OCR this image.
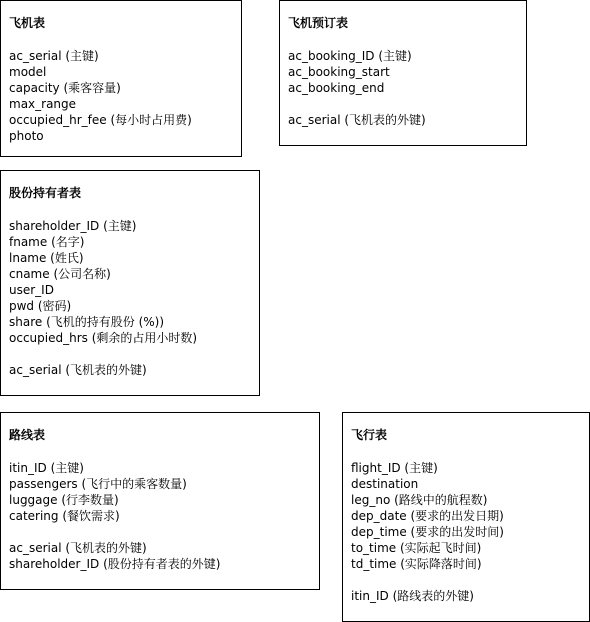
飞机表
ac_serial (主键)
model
capacity (乘客容量)
max_range
occupied_hr_fee (每小时占用费)
photo
飞机预订表
ac_booking_ID (主键)
ac_booking_start
ac_booking_end
ac_serial (飞机表的外键)
股份持有者表
shareholder_ID (主键)
fname (名字)
lname (姓氏)
cname (公司名称)
user_ID
pwd (密码)
share (飞机的持有股份 (%))
occupied_hrs (剩余的占用小时数)
ac_serial (飞机表的外键)
路线表
itin_ID (主键)
passengers (飞行中的乘客数量)
luggage (行李数量)
catering (餐饮需求)
ac_serial (飞机表的外键)
shareholder_ID (股份持有者表的外键)
飞行表
flight_ID (主键)
destination
leg_no (路线中的航程数)
dep_date (要求的出发日期)
dep_time (要求的出发时间)
to_time (实际起飞时间)
td_time (实际降落时间)
itin_ID (路线表的外键)
